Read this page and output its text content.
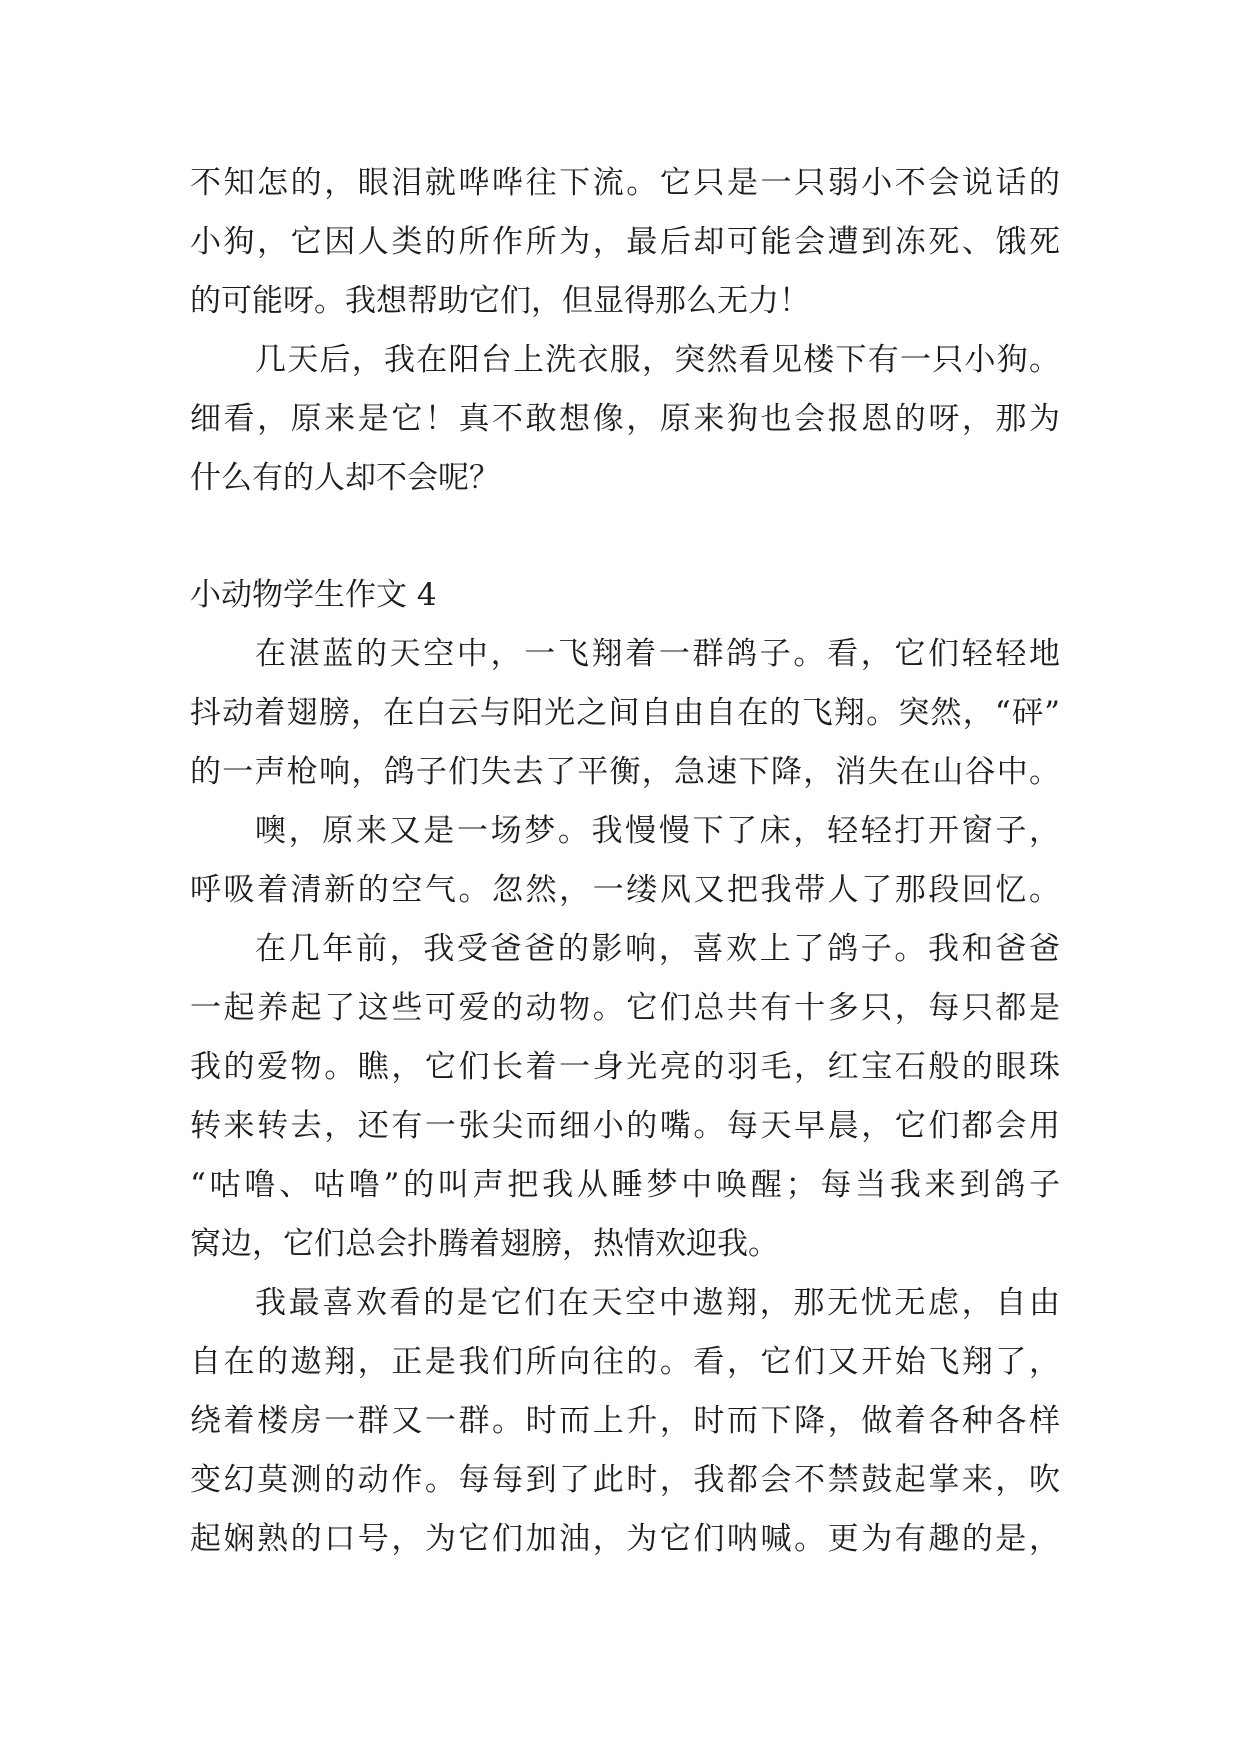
不知怎的，眼泪就哗哗往下流。它只是一只弱小不会说话的
小狗，它因人类的所作所为，最后却可能会遭到冻死、饿死
的可能呀。我想帮助它们，但显得那么无力！
几天后，我在阳台上洗衣服，突然看见楼下有一只小狗。
细看，原来是它！真不敢想像，原来狗也会报恩的呀，那为
什么有的人却不会呢？
小动物学生作文 4
在湛蓝的天空中，一飞翔着一群鸽子。看，它们轻轻地
抖动着翅膀，在白云与阳光之间自由自在的飞翔。突然，“砰”
的一声枪响，鸽子们失去了平衡，急速下降，消失在山谷中。
噢，原来又是一场梦。我慢慢下了床，轻轻打开窗子，
呼吸着清新的空气。忽然，一缕风又把我带人了那段回忆。
在几年前，我受爸爸的影响，喜欢上了鸽子。我和爸爸
一起养起了这些可爱的动物。它们总共有十多只，每只都是
我的爱物。瞧，它们长着一身光亮的羽毛，红宝石般的眼珠
转来转去，还有一张尖而细小的嘴。每天早晨，它们都会用
“咕噜、咕噜”的叫声把我从睡梦中唤醒；每当我来到鸽子
窝边，它们总会扑腾着翅膀，热情欢迎我。
我最喜欢看的是它们在天空中遨翔，那无忧无虑，自由
自在的遨翔，正是我们所向往的。看，它们又开始飞翔了，
绕着楼房一群又一群。时而上升，时而下降，做着各种各样
变幻莫测的动作。每每到了此时，我都会不禁鼓起掌来，吹
起娴熟的口号，为它们加油，为它们呐喊。更为有趣的是，
